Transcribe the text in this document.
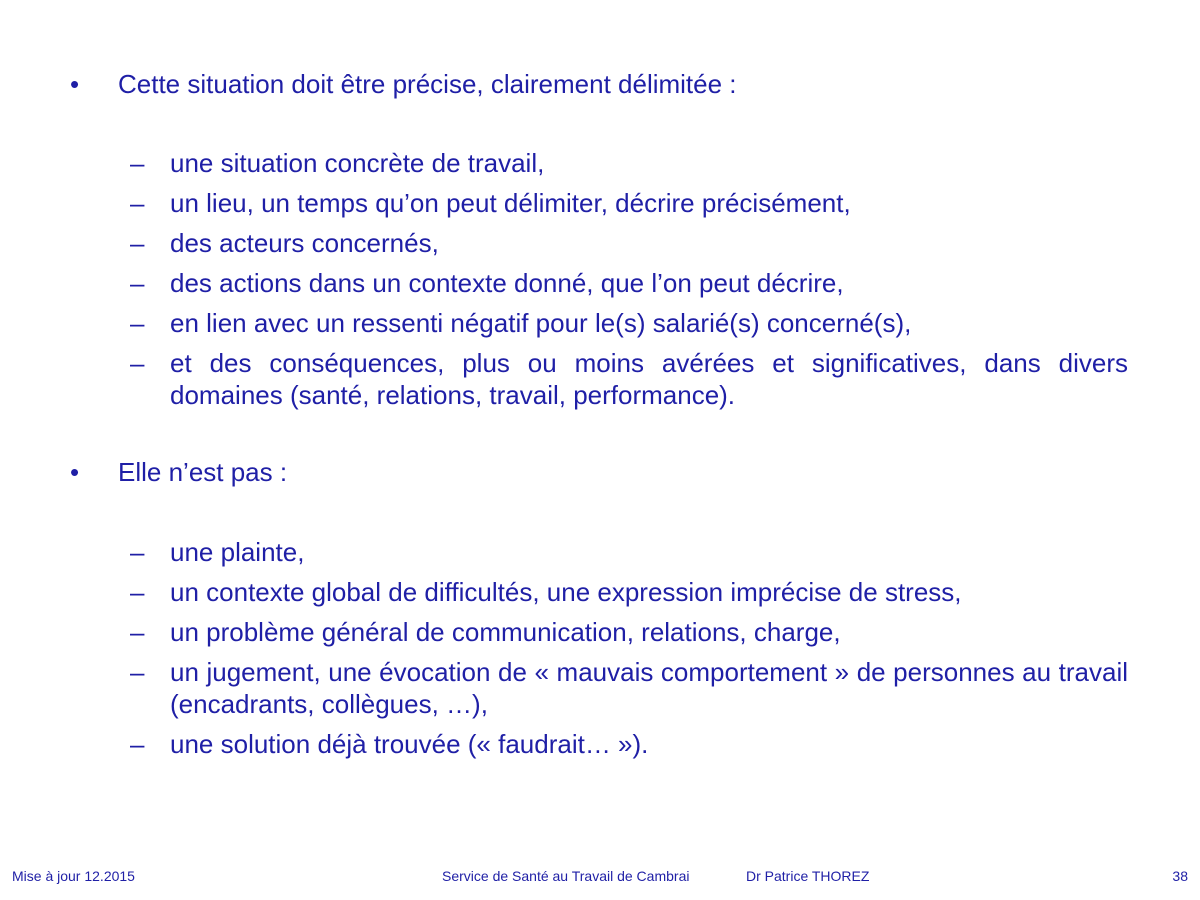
•	Cette situation doit être précise, clairement délimitée :
– une situation concrète de travail,
– un lieu, un temps qu’on peut délimiter, décrire précisément,
– des acteurs concernés,
– des actions dans un contexte donné, que l’on peut décrire,
– en lien avec un ressenti négatif pour le(s) salarié(s) concerné(s),
– et des conséquences, plus ou moins avérées et significatives, dans divers domaines (santé, relations, travail, performance).
•	Elle n’est pas :
– une plainte,
– un contexte global de difficultés, une expression imprécise de stress,
– un problème général de communication, relations, charge,
– un jugement, une évocation de « mauvais comportement » de personnes au travail (encadrants, collègues, …),
– une solution déjà trouvée (« faudrait… »).
Mise à jour 12.2015	Service de Santé au Travail de Cambrai	Dr Patrice THOREZ	38
